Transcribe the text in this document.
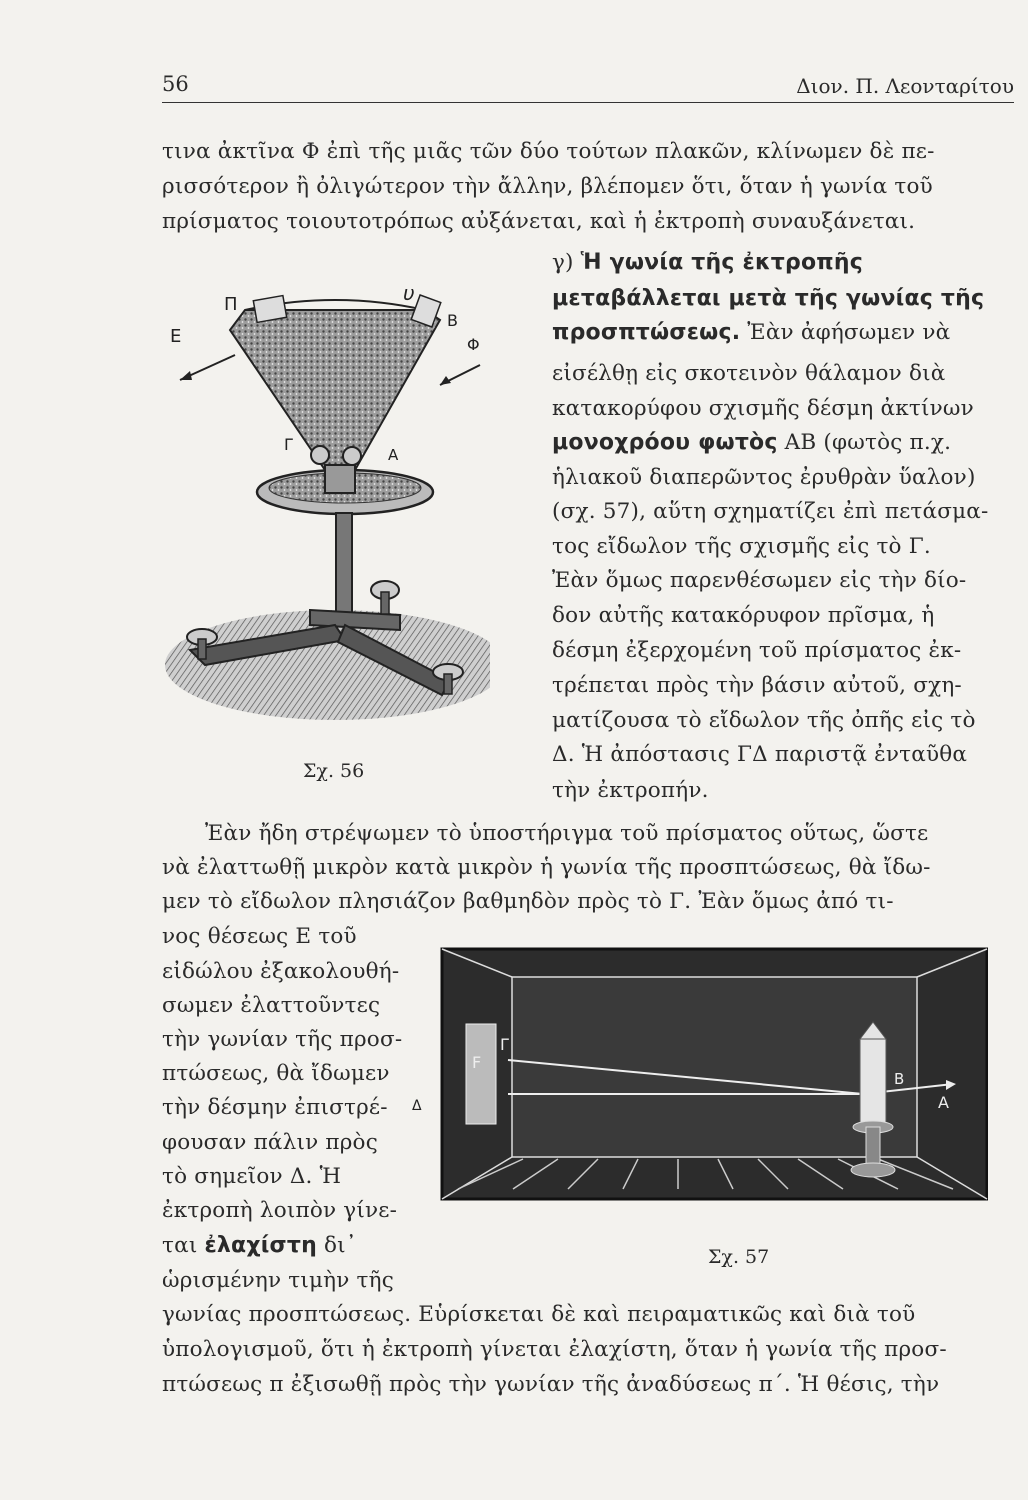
56	Διον. Π. Λεονταρίτου
τινα ἀκτῖνα Φ ἐπὶ τῆς μιᾶς τῶν δύο τούτων πλακῶν, κλίνωμεν δὲ πε-
ρισσότερον ἢ ὀλιγώτερον τὴν ἄλλην, βλέπομεν ὅτι, ὅταν ἡ γωνία τοῦ
πρίσματος τοιουτοτρόπως αὐξάνεται, καὶ ἡ ἐκτροπὴ συναυξάνεται.
γ) Ἡ γωνία τῆς ἐκτροπῆς
μεταβάλλεται μετὰ τῆς γωνίας τῆς
προσπτώσεως. Ἐὰν ἀφήσωμεν νὰ
εἰσέλθῃ εἰς σκοτεινὸν θάλαμον διὰ
κατακορύφου σχισμῆς δέσμη ἀκτίνων
μονοχρόου φωτὸς ΑΒ (φωτὸς π.χ.
ἡλιακοῦ διαπερῶντος ἐρυθρὰν ὕαλον)
(σχ. 57), αὕτη σχηματίζει ἐπὶ πετάσμα-
τος εἴδωλον τῆς σχισμῆς εἰς τὸ Γ.
Ἐὰν ὅμως παρενθέσωμεν εἰς τὴν δίο-
δον αὐτῆς κατακόρυφον πρῖσμα, ἡ
δέσμη ἐξερχομένη τοῦ πρίσματος ἐκ-
τρέπεται πρὸς τὴν βάσιν αὐτοῦ, σχη-
ματίζουσα τὸ εἴδωλον τῆς ὀπῆς εἰς τὸ
Δ. Ἡ ἀπόστασις ΓΔ παριστᾷ ἐνταῦθα
τὴν ἐκτροπήν.
Π	υ
Β
Ε	Φ
Γ
Α
Σχ. 56
Ἐὰν ἤδη στρέψωμεν τὸ ὑποστήριγμα τοῦ πρίσματος οὕτως, ὥστε
νὰ ἐλαττωθῇ μικρὸν κατὰ μικρὸν ἡ γωνία τῆς προσπτώσεως, θὰ ἴδω-
μεν τὸ εἴδωλον πλησιάζον βαθμηδὸν πρὸς τὸ Γ. Ἐὰν ὅμως ἀπό τι-
νος θέσεως Ε τοῦ
εἰδώλου ἐξακολουθή-
σωμεν ἐλαττοῦντες
τὴν γωνίαν τῆς προσ-
πτώσεως, θὰ ἴδωμεν
τὴν δέσμην ἐπιστρέ-
φουσαν πάλιν πρὸς
τὸ σημεῖον Δ. Ἡ
ἐκτροπὴ λοιπὸν γίνε-
ται ἐλαχίστη δι᾽
ὡρισμένην τιμὴν τῆς
F
Γ
Β
Α
Δ
Σχ. 57
γωνίας προσπτώσεως. Εὑρίσκεται δὲ καὶ πειραματικῶς καὶ διὰ τοῦ
ὑπολογισμοῦ, ὅτι ἡ ἐκτροπὴ γίνεται ἐλαχίστη, ὅταν ἡ γωνία τῆς προσ-
πτώσεως π ἐξισωθῇ πρὸς τὴν γωνίαν τῆς ἀναδύσεως π΄. Ἡ θέσις, τὴν
